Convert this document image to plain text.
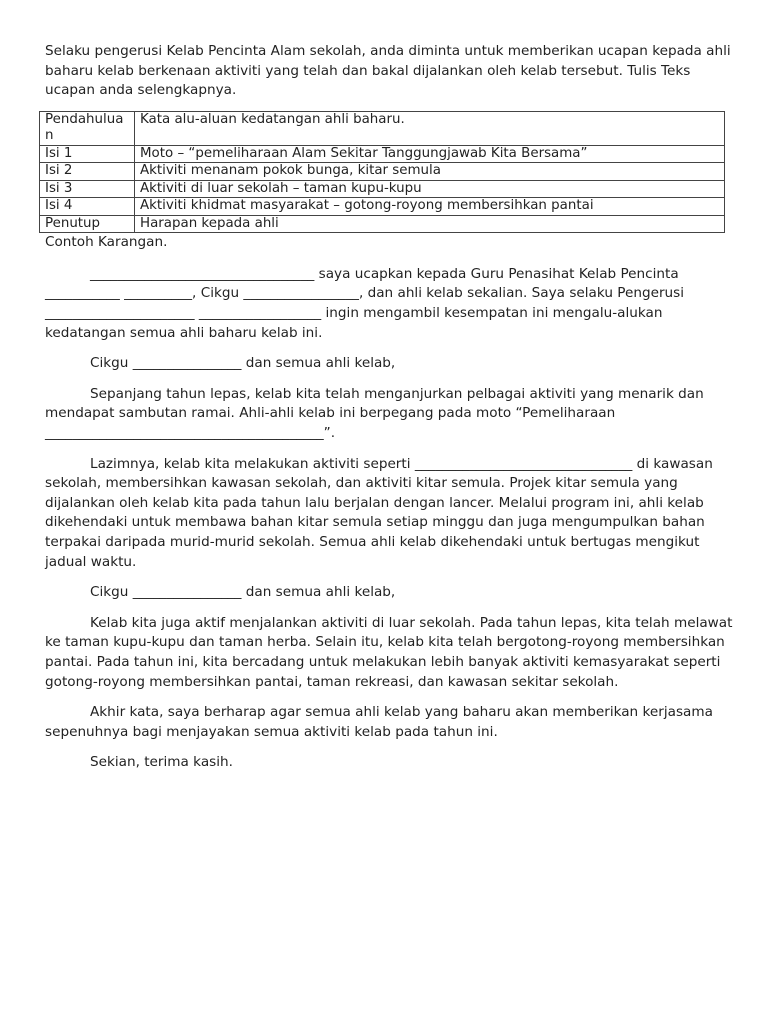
Selaku pengerusi Kelab Pencinta Alam sekolah, anda diminta untuk memberikan ucapan kepada ahli baharu kelab berkenaan aktiviti yang telah dan bakal dijalankan oleh kelab tersebut. Tulis Teks ucapan anda selengkapnya.

Pendahuluan	Kata alu-aluan kedatangan ahli baharu.
Isi 1	Moto – “pemeliharaan Alam Sekitar Tanggungjawab Kita Bersama”
Isi 2	Aktiviti menanam pokok bunga, kitar semula
Isi 3	Aktiviti di luar sekolah – taman kupu-kupu
Isi 4	Aktiviti khidmat masyarakat – gotong-royong membersihkan pantai
Penutup	Harapan kepada ahli

Contoh Karangan.

_________________________________ saya ucapkan kepada Guru Penasihat Kelab Pencinta ___________ __________, Cikgu _________________, dan ahli kelab sekalian. Saya selaku Pengerusi ______________________ __________________ ingin mengambil kesempatan ini mengalu-alukan kedatangan semua ahli baharu kelab ini.

Cikgu ________________ dan semua ahli kelab,

Sepanjang tahun lepas, kelab kita telah menganjurkan pelbagai aktiviti yang menarik dan mendapat sambutan ramai. Ahli-ahli kelab ini berpegang pada moto “Pemeliharaan _________________________________________”.

Lazimnya, kelab kita melakukan aktiviti seperti ________________________________ di kawasan sekolah, membersihkan kawasan sekolah, dan aktiviti kitar semula. Projek kitar semula yang dijalankan oleh kelab kita pada tahun lalu berjalan dengan lancer. Melalui program ini, ahli kelab dikehendaki untuk membawa bahan kitar semula setiap minggu dan juga mengumpulkan bahan terpakai daripada murid-murid sekolah. Semua ahli kelab dikehendaki untuk bertugas mengikut jadual waktu.

Cikgu ________________ dan semua ahli kelab,

Kelab kita juga aktif menjalankan aktiviti di luar sekolah. Pada tahun lepas, kita telah melawat ke taman kupu-kupu dan taman herba. Selain itu, kelab kita telah bergotong-royong membersihkan pantai. Pada tahun ini, kita bercadang untuk melakukan lebih banyak aktiviti kemasyarakat seperti gotong-royong membersihkan pantai, taman rekreasi, dan kawasan sekitar sekolah.

Akhir kata, saya berharap agar semua ahli kelab yang baharu akan memberikan kerjasama sepenuhnya bagi menjayakan semua aktiviti kelab pada tahun ini.

Sekian, terima kasih.
